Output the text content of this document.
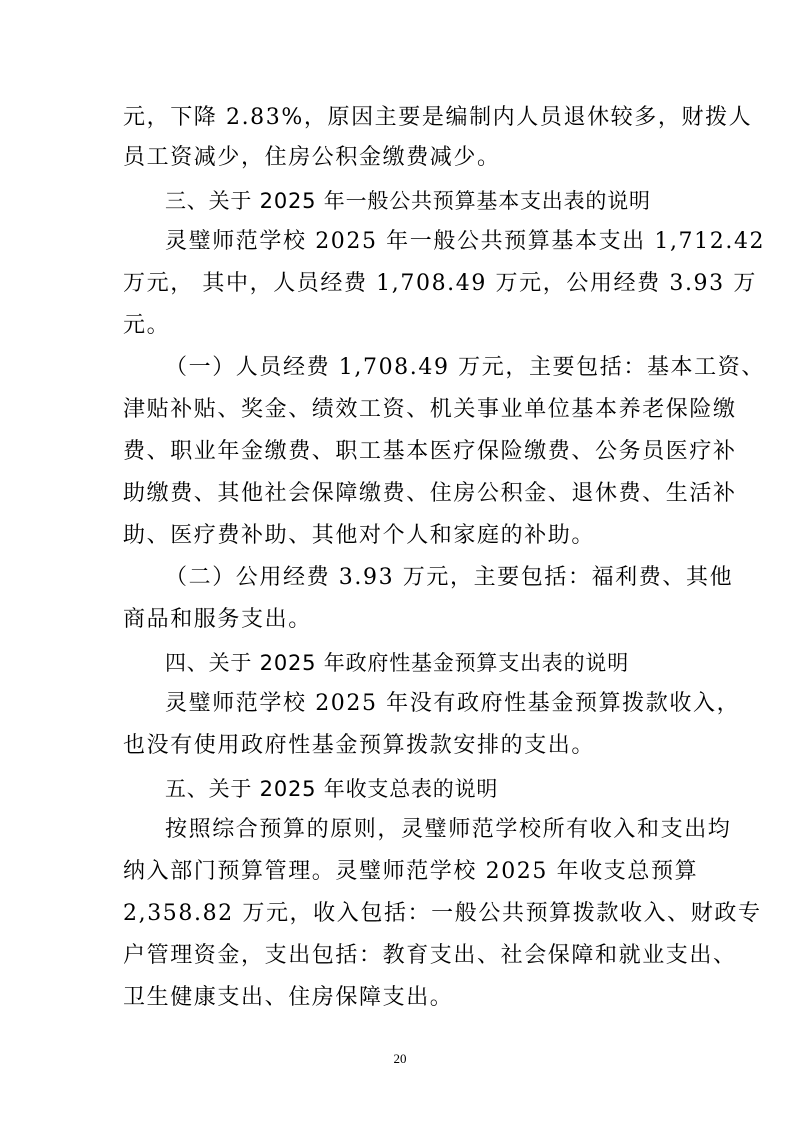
元，下降 2.83%，原因主要是编制内人员退休较多，财拨人
员工资减少，住房公积金缴费减少。
三、关于 2025 年一般公共预算基本支出表的说明
灵璧师范学校 2025 年一般公共预算基本支出 1,712.42
万元， 其中，人员经费 1,708.49 万元，公用经费 3.93 万
元。
（一）人员经费 1,708.49 万元，主要包括：基本工资、
津贴补贴、奖金、绩效工资、机关事业单位基本养老保险缴
费、职业年金缴费、职工基本医疗保险缴费、公务员医疗补
助缴费、其他社会保障缴费、住房公积金、退休费、生活补
助、医疗费补助、其他对个人和家庭的补助。
（二）公用经费 3.93 万元，主要包括：福利费、其他
商品和服务支出。
四、关于 2025 年政府性基金预算支出表的说明
灵璧师范学校 2025 年没有政府性基金预算拨款收入，
也没有使用政府性基金预算拨款安排的支出。
五、关于 2025 年收支总表的说明
按照综合预算的原则，灵璧师范学校所有收入和支出均
纳入部门预算管理。灵璧师范学校 2025 年收支总预算
2,358.82 万元，收入包括：一般公共预算拨款收入、财政专
户管理资金，支出包括：教育支出、社会保障和就业支出、
卫生健康支出、住房保障支出。
20
